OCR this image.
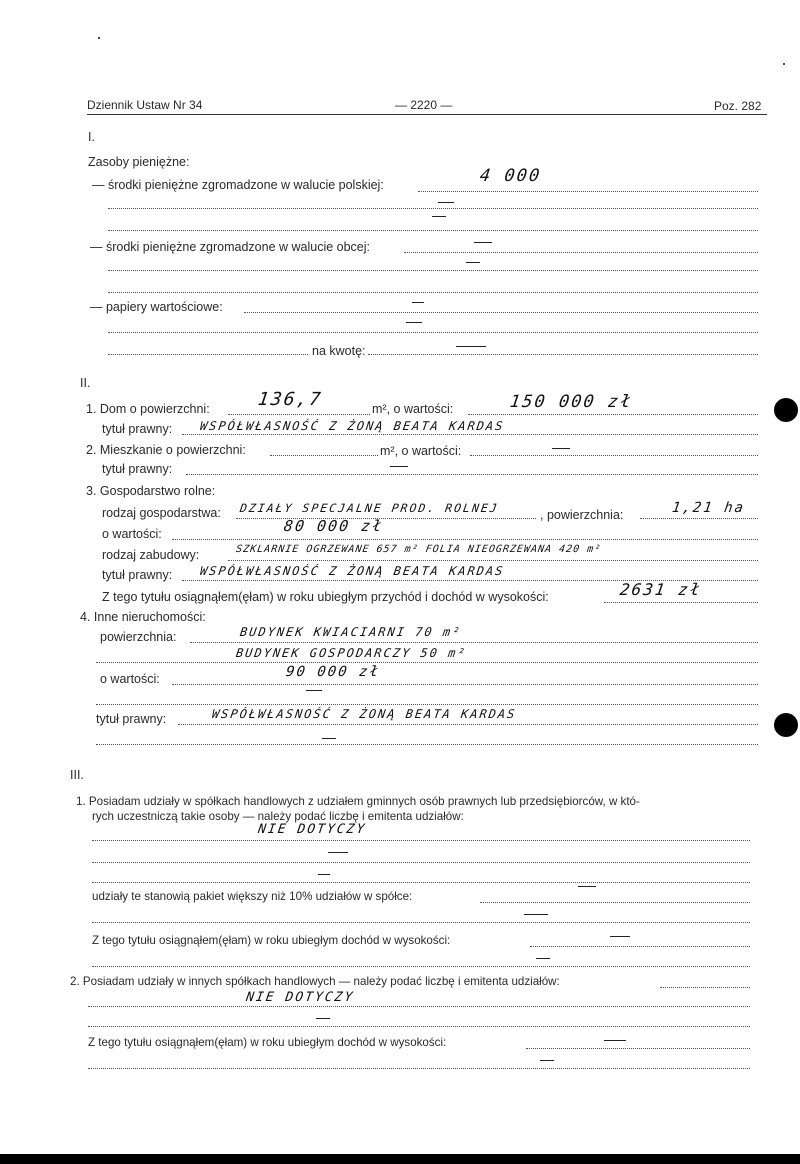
Dziennik Ustaw Nr 34	— 2220 —	Poz. 282
I.
Zasoby pieniężne:
— środki pieniężne zgromadzone w walucie polskiej:	4 000
— środki pieniężne zgromadzone w walucie obcej:
— papiery wartościowe:
na kwotę:
II.
1. Dom o powierzchni:	136,7	m², o wartości:	150 000 zł
tytuł prawny: WSPÓŁWŁASNOŚĆ Z ŻONĄ BEATA KARDAS
2. Mieszkanie o powierzchni:	m², o wartości:
tytuł prawny:
3. Gospodarstwo rolne:
rodzaj gospodarstwa: DZIAŁY SPECJALNE PROD. ROLNEJ	, powierzchnia:	1,21 ha
o wartości:	80 000 zł
rodzaj zabudowy:	SZKLARNIE OGRZEWANE 657 m² FOLIA NIEOGRZEWANA 420 m²
tytuł prawny: WSPÓŁWŁASNOŚĆ Z ŻONĄ BEATA KARDAS
Z tego tytułu osiągnąłem(ęłam) w roku ubiegłym przychód i dochód w wysokości:	2631 zł
4. Inne nieruchomości:
powierzchnia:	BUDYNEK KWIACIARNI 70 m²
BUDYNEK GOSPODARCZY 50 m²
o wartości:	90 000 zł
tytuł prawny:	WSPÓŁWŁASNOŚĆ Z ŻONĄ BEATA KARDAS
III.
1. Posiadam udziały w spółkach handlowych z udziałem gminnych osób prawnych lub przedsiębiorców, w któ-
rych uczestniczą takie osoby — należy podać liczbę i emitenta udziałów:
NIE DOTYCZY
udziały te stanowią pakiet większy niż 10% udziałów w spółce:
Z tego tytułu osiągnąłem(ęłam) w roku ubiegłym dochód w wysokości:
2. Posiadam udziały w innych spółkach handlowych — należy podać liczbę i emitenta udziałów:
NIE DOTYCZY
Z tego tytułu osiągnąłem(ęłam) w roku ubiegłym dochód w wysokości:
